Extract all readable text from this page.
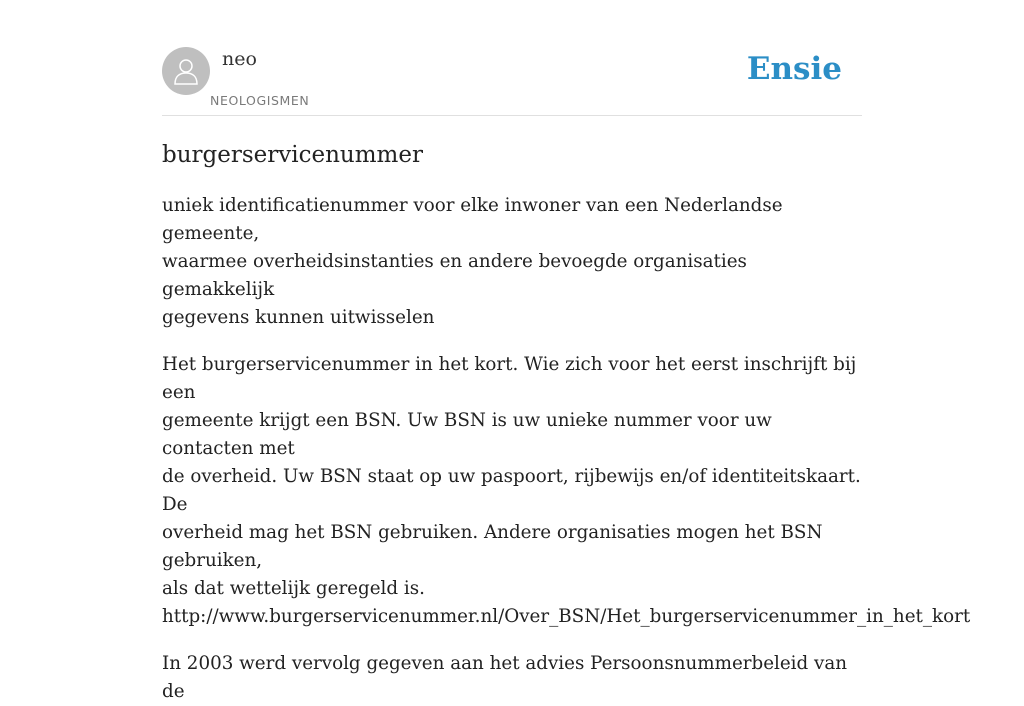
neo
NEOLOGISMEN
Ensie
burgerservicenummer

uniek identificatienummer voor elke inwoner van een Nederlandse gemeente,
waarmee overheidsinstanties en andere bevoegde organisaties gemakkelijk
gegevens kunnen uitwisselen

Het burgerservicenummer in het kort. Wie zich voor het eerst inschrijft bij een
gemeente krijgt een BSN. Uw BSN is uw unieke nummer voor uw contacten met
de overheid. Uw BSN staat op uw paspoort, rijbewijs en/of identiteitskaart. De
overheid mag het BSN gebruiken. Andere organisaties mogen het BSN gebruiken,
als dat wettelijk geregeld is.
http://www.burgerservicenummer.nl/Over_BSN/Het_burgerservicenummer_in_het_kort

In 2003 werd vervolg gegeven aan het advies Persoonsnummerbeleid van de
